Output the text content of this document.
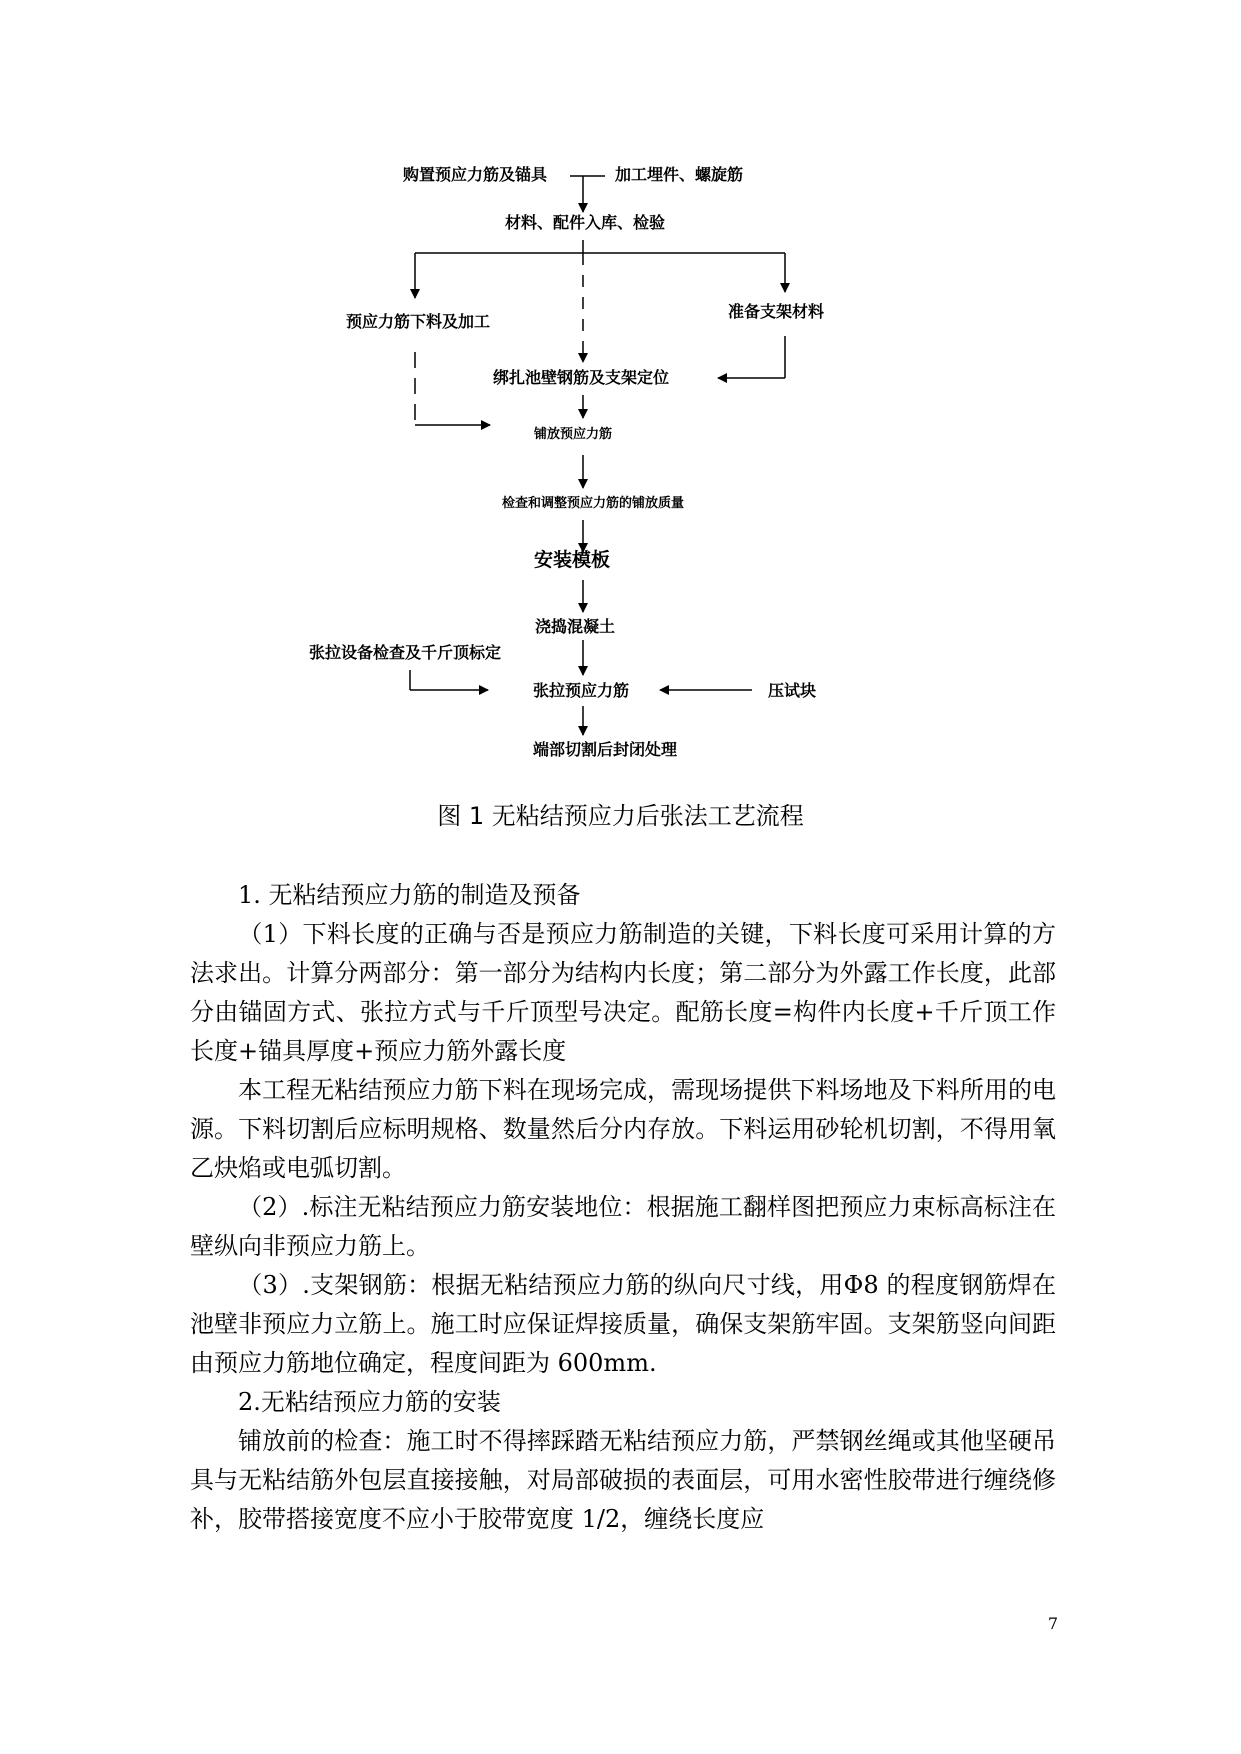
购置预应力筋及锚具	加工埋件、螺旋筋
材料、配件入库、检验
预应力筋下料及加工
准备支架材料
绑扎池壁钢筋及支架定位
铺放预应力筋
检查和调整预应力筋的铺放质量
安装模板
浇捣混凝土
张拉设备检查及千斤顶标定
张拉预应力筋	压试块
端部切割后封闭处理
图 1 无粘结预应力后张法工艺流程
1. 无粘结预应力筋的制造及预备
（1）下料长度的正确与否是预应力筋制造的关键，下料长度可采用计算的方法求出。计算分两部分：第一部分为结构内长度；第二部分为外露工作长度，此部分由锚固方式、张拉方式与千斤顶型号决定。配筋长度=构件内长度+千斤顶工作长度+锚具厚度+预应力筋外露长度
本工程无粘结预应力筋下料在现场完成，需现场提供下料场地及下料所用的电源。下料切割后应标明规格、数量然后分内存放。下料运用砂轮机切割，不得用氧乙炔焰或电弧切割。
（2）.标注无粘结预应力筋安装地位：根据施工翻样图把预应力束标高标注在壁纵向非预应力筋上。
（3）.支架钢筋：根据无粘结预应力筋的纵向尺寸线，用Φ8 的程度钢筋焊在池壁非预应力立筋上。施工时应保证焊接质量，确保支架筋牢固。支架筋竖向间距由预应力筋地位确定，程度间距为 600mm.
2.无粘结预应力筋的安装
铺放前的检查：施工时不得摔踩踏无粘结预应力筋，严禁钢丝绳或其他坚硬吊具与无粘结筋外包层直接接触，对局部破损的表面层，可用水密性胶带进行缠绕修补，胶带搭接宽度不应小于胶带宽度 1/2，缠绕长度应
7
